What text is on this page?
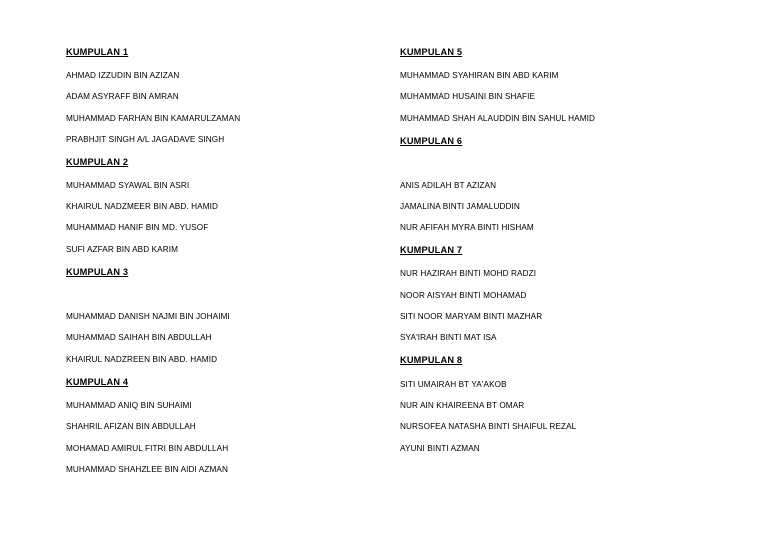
KUMPULAN 1
AHMAD IZZUDIN BIN AZIZAN
ADAM ASYRAFF BIN AMRAN
MUHAMMAD FARHAN BIN KAMARULZAMAN
PRABHJIT SINGH A/L JAGADAVE SINGH
KUMPULAN 2
MUHAMMAD SYAWAL BIN ASRI
KHAIRUL NADZMEER BIN ABD. HAMID
MUHAMMAD HANIF BIN MD. YUSOF
SUFI AZFAR BIN ABD KARIM
KUMPULAN 3
MUHAMMAD DANISH NAJMI BIN JOHAIMI
MUHAMMAD SAIHAH BIN ABDULLAH
KHAIRUL NADZREEN BIN ABD. HAMID
KUMPULAN 4
MUHAMMAD ANIQ BIN SUHAIMI
SHAHRIL AFIZAN BIN ABDULLAH
MOHAMAD AMIRUL FITRI BIN ABDULLAH
MUHAMMAD SHAHZLEE BIN AIDI AZMAN
KUMPULAN 5
MUHAMMAD SYAHIRAN BIN ABD KARIM
MUHAMMAD HUSAINI BIN SHAFIE
MUHAMMAD SHAH ALAUDDIN BIN SAHUL HAMID
KUMPULAN 6
ANIS ADILAH BT AZIZAN
JAMALINA BINTI JAMALUDDIN
NUR AFIFAH MYRA BINTI HISHAM
KUMPULAN 7
NUR HAZIRAH BINTI MOHD RADZI
NOOR AISYAH BINTI MOHAMAD
SITI NOOR MARYAM BINTI MAZHAR
SYA'IRAH BINTI MAT ISA
KUMPULAN 8
SITI UMAIRAH BT YA'AKOB
NUR AIN KHAIREENA BT OMAR
NURSOFEA NATASHA BINTI SHAIFUL REZAL
AYUNI BINTI AZMAN
